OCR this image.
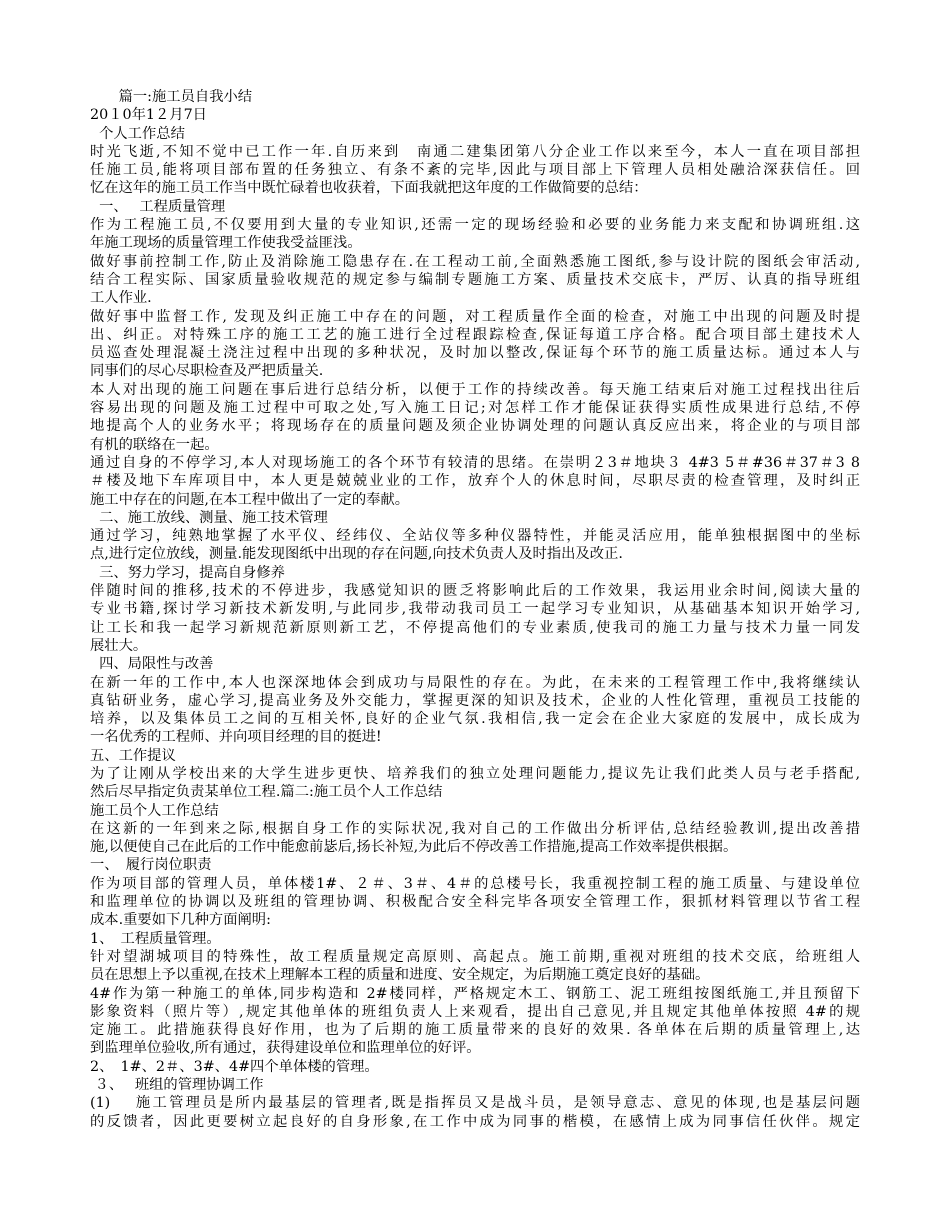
　　篇一:施工员自我小结
20１0年1２月7日
个人工作总结
时光飞逝,不知不觉中已工作一年.自历来到　南通二建集团第八分企业工作以来至今，本人一直在项目部担
任施工员,能将项目部布置的任务独立、有条不紊的完毕,因此与项目部上下管理人员相处融洽深获信任。回
忆在这年的施工员工作当中既忙碌着也收获着，下面我就把这年度的工作做简要的总结：
一、　 工程质量管理
作为工程施工员,不仅要用到大量的专业知识,还需一定的现场经验和必要的业务能力来支配和协调班组.这
年施工现场的质量管理工作使我受益匪浅。
做好事前控制工作,防止及消除施工隐患存在.在工程动工前,全面熟悉施工图纸,参与设计院的图纸会审活动,
结合工程实际、国家质量验收规范的规定参与编制专题施工方案、质量技术交底卡，严厉、认真的指导班组
工人作业.
做好事中监督工作, 发现及纠正施工中存在的问题，对工程质量作全面的检查，对施工中出现的问题及时提
出、纠正。对特殊工序的施工工艺的施工进行全过程跟踪检查,保证每道工序合格。配合项目部土建技术人
员巡查处理混凝土浇注过程中出现的多种状况，及时加以整改,保证每个环节的施工质量达标。通过本人与
同事们的尽心尽职检查及严把质量关.
本人对出现的施工问题在事后进行总结分析，以便于工作的持续改善。每天施工结束后对施工过程找出往后
容易出现的问题及施工过程中可取之处,写入施工日记;对怎样工作才能保证获得实质性成果进行总结,不停
地提高个人的业务水平；将现场存在的质量问题及须企业协调处理的问题认真反应出来，将企业的与项目部
有机的联络在一起。
通过自身的不停学习,本人对现场施工的各个环节有较清的思绪。在崇明２3＃地块３ 4#3 5＃#36＃37＃3 8
＃楼及地下车库项目中，本人更是兢兢业业的工作，放弃个人的休息时间，尽职尽责的检查管理，及时纠正
施工中存在的问题,在本工程中做出了一定的奉献。
二、施工放线、测量、施工技术管理
通过学习，纯熟地掌握了水平仪、经纬仪、全站仪等多种仪器特性，并能灵活应用，能单独根据图中的坐标
点,进行定位放线，测量.能发现图纸中出现的存在问题,向技术负责人及时指出及改正.
三、努力学习，提高自身修养
伴随时间的推移,技术的不停进步，我感觉知识的匮乏将影响此后的工作效果，我运用业余时间,阅读大量的
专业书籍,探讨学习新技术新发明,与此同步,我带动我司员工一起学习专业知识，从基础基本知识开始学习,
让工长和我一起学习新规范新原则新工艺，不停提高他们的专业素质,使我司的施工力量与技术力量一同发
展壮大。
四、局限性与改善
在新一年的工作中,本人也深深地体会到成功与局限性的存在。为此，在未来的工程管理工作中,我将继续认
真钻研业务，虚心学习,提高业务及外交能力，掌握更深的知识及技术，企业的人性化管理，重视员工技能的
培养，以及集体员工之间的互相关怀,良好的企业气氛.我相信,我一定会在企业大家庭的发展中，成长成为
一名优秀的工程师、并向项目经理的目的挺进!
五、工作提议
为了让刚从学校出来的大学生进步更快、培养我们的独立处理问题能力,提议先让我们此类人员与老手搭配,
然后尽早指定负责某单位工程.篇二:施工员个人工作总结
施工员个人工作总结
在这新的一年到来之际,根据自身工作的实际状况,我对自己的工作做出分析评估,总结经验教训,提出改善措
施,以便使自己在此后的工作中能愈前毖后,扬长补短,为此后不停改善工作措施,提高工作效率提供根据。
一、　履行岗位职责
作为项目部的管理人员，单体楼1#、２＃、3＃、4＃的总楼号长，我重视控制工程的施工质量、与建设单位
和监理单位的协调以及班组的管理协调、积极配合安全科完毕各项安全管理工作，狠抓材料管理以节省工程
成本.重要如下几种方面阐明:
1、　工程质量管理。
针对望湖城项目的特殊性，故工程质量规定高原则、高起点。施工前期,重视对班组的技术交底，给班组人
员在思想上予以重视,在技术上理解本工程的质量和进度、安全规定，为后期施工奠定良好的基础。
4#作为第一种施工的单体,同步构造和 2#楼同样，严格规定木工、钢筋工、泥工班组按图纸施工,并且预留下
影象资料（照片等）,规定其他单体的班组负责人上来观看，提出自己意见,并且规定其他单体按照 4#的规
定施工。此措施获得良好作用，也为了后期的施工质量带来的良好的效果. 各单体在后期的质量管理上,达
到监理单位验收,所有通过，获得建设单位和监理单位的好评。
2、　1#、2＃、3#、4#四个单体楼的管理。
３、　 班组的管理协调工作
(1)　 施工管理员是所内最基层的管理者,既是指挥员又是战斗员，是领导意志、意见的体现,也是基层问题
的反馈者，因此更要树立起良好的自身形象,在工作中成为同事的楷模，在感情上成为同事信任伙伴。规定
